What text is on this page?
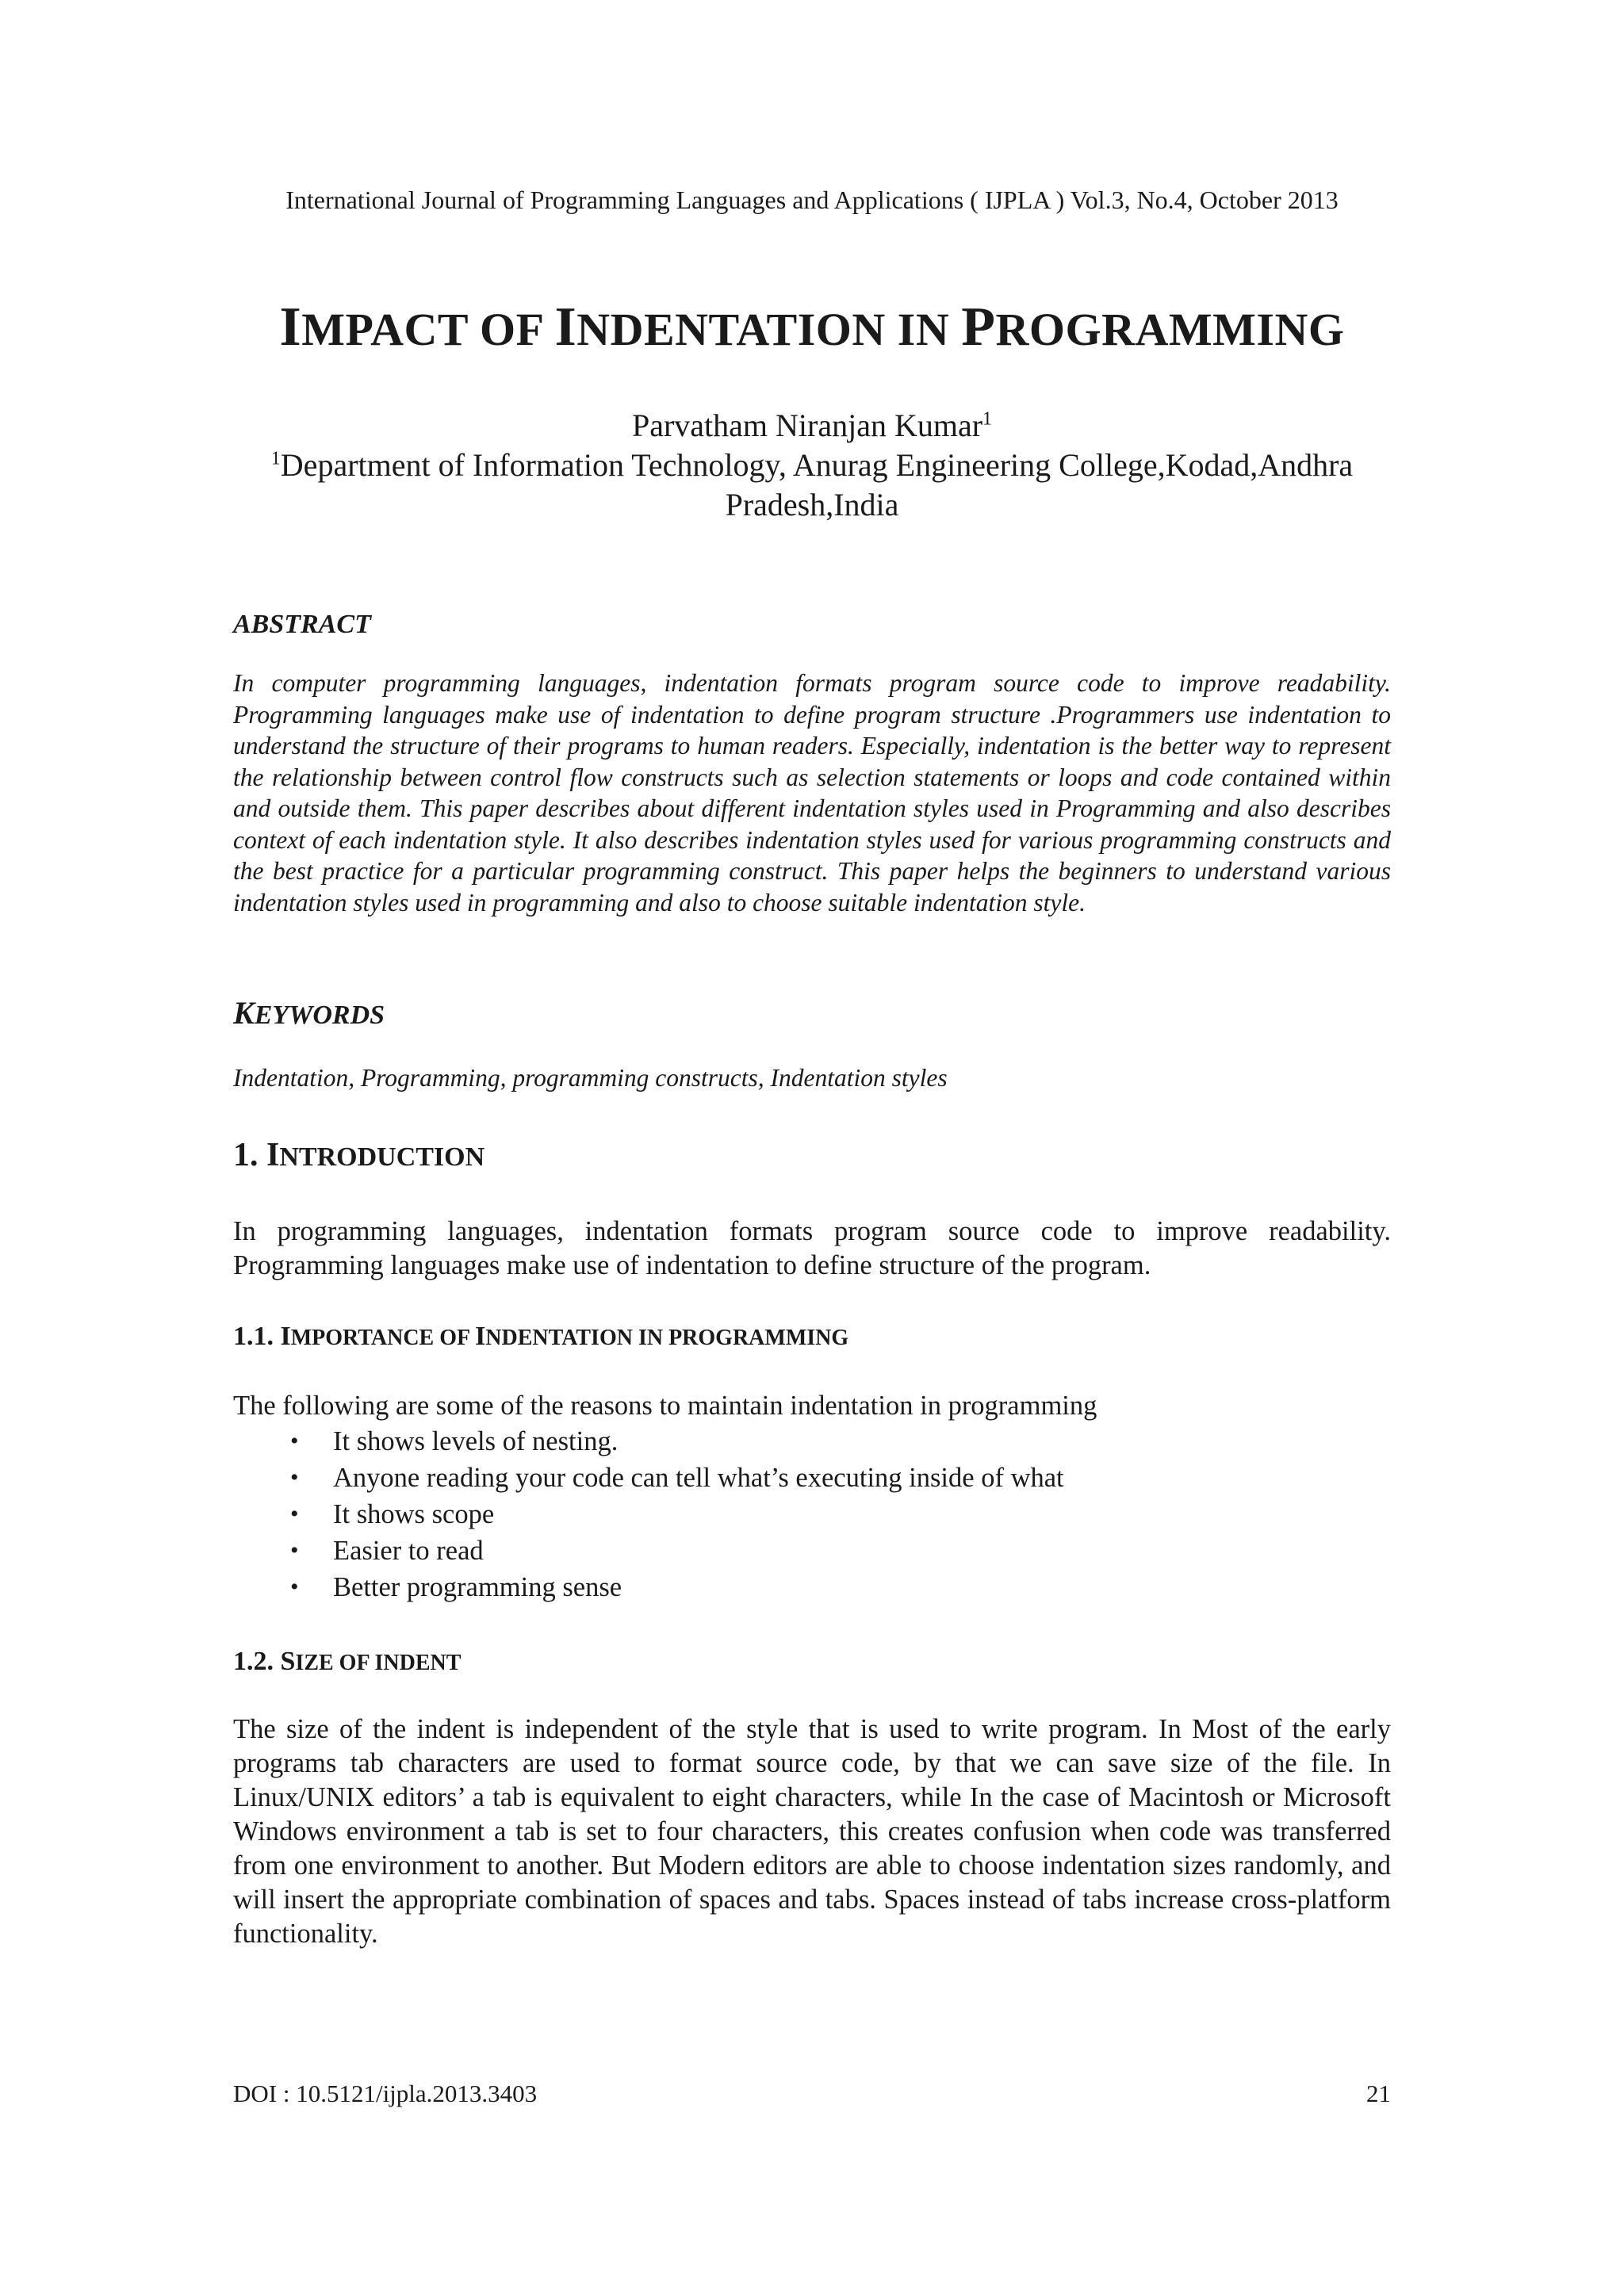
International Journal of Programming Languages and Applications ( IJPLA ) Vol.3, No.4, October 2013
IMPACT OF INDENTATION IN PROGRAMMING
Parvatham Niranjan Kumar$^1$
$^1$Department of Information Technology, Anurag Engineering College,Kodad,Andhra
Pradesh,India
ABSTRACT
In computer programming languages, indentation formats program source code to improve readability. Programming languages make use of indentation to define program structure .Programmers use indentation to understand the structure of their programs to human readers. Especially, indentation is the better way to represent the relationship between control flow constructs such as selection statements or loops and code contained within and outside them. This paper describes about different indentation styles used in Programming and also describes context of each indentation style. It also describes indentation styles used for various programming constructs and the best practice for a particular programming construct. This paper helps the beginners to understand various indentation styles used in programming and also to choose suitable indentation style.
KEYWORDS
Indentation, Programming, programming constructs, Indentation styles
1. INTRODUCTION
In programming languages, indentation formats program source code to improve readability. Programming languages make use of indentation to define structure of the program.
1.1. IMPORTANCE OF INDENTATION IN PROGRAMMING
The following are some of the reasons to maintain indentation in programming
• It shows levels of nesting.
• Anyone reading your code can tell what’s executing inside of what
• It shows scope
• Easier to read
• Better programming sense
1.2. SIZE OF INDENT
The size of the indent is independent of the style that is used to write program. In Most of the early programs tab characters are used to format source code, by that we can save size of the file. In Linux/UNIX editors’ a tab is equivalent to eight characters, while In the case of Macintosh or Microsoft Windows environment a tab is set to four characters, this creates confusion when code was transferred from one environment to another. But Modern editors are able to choose indentation sizes randomly, and will insert the appropriate combination of spaces and tabs. Spaces instead of tabs increase cross-platform functionality.
DOI : 10.5121/ijpla.2013.3403	21
